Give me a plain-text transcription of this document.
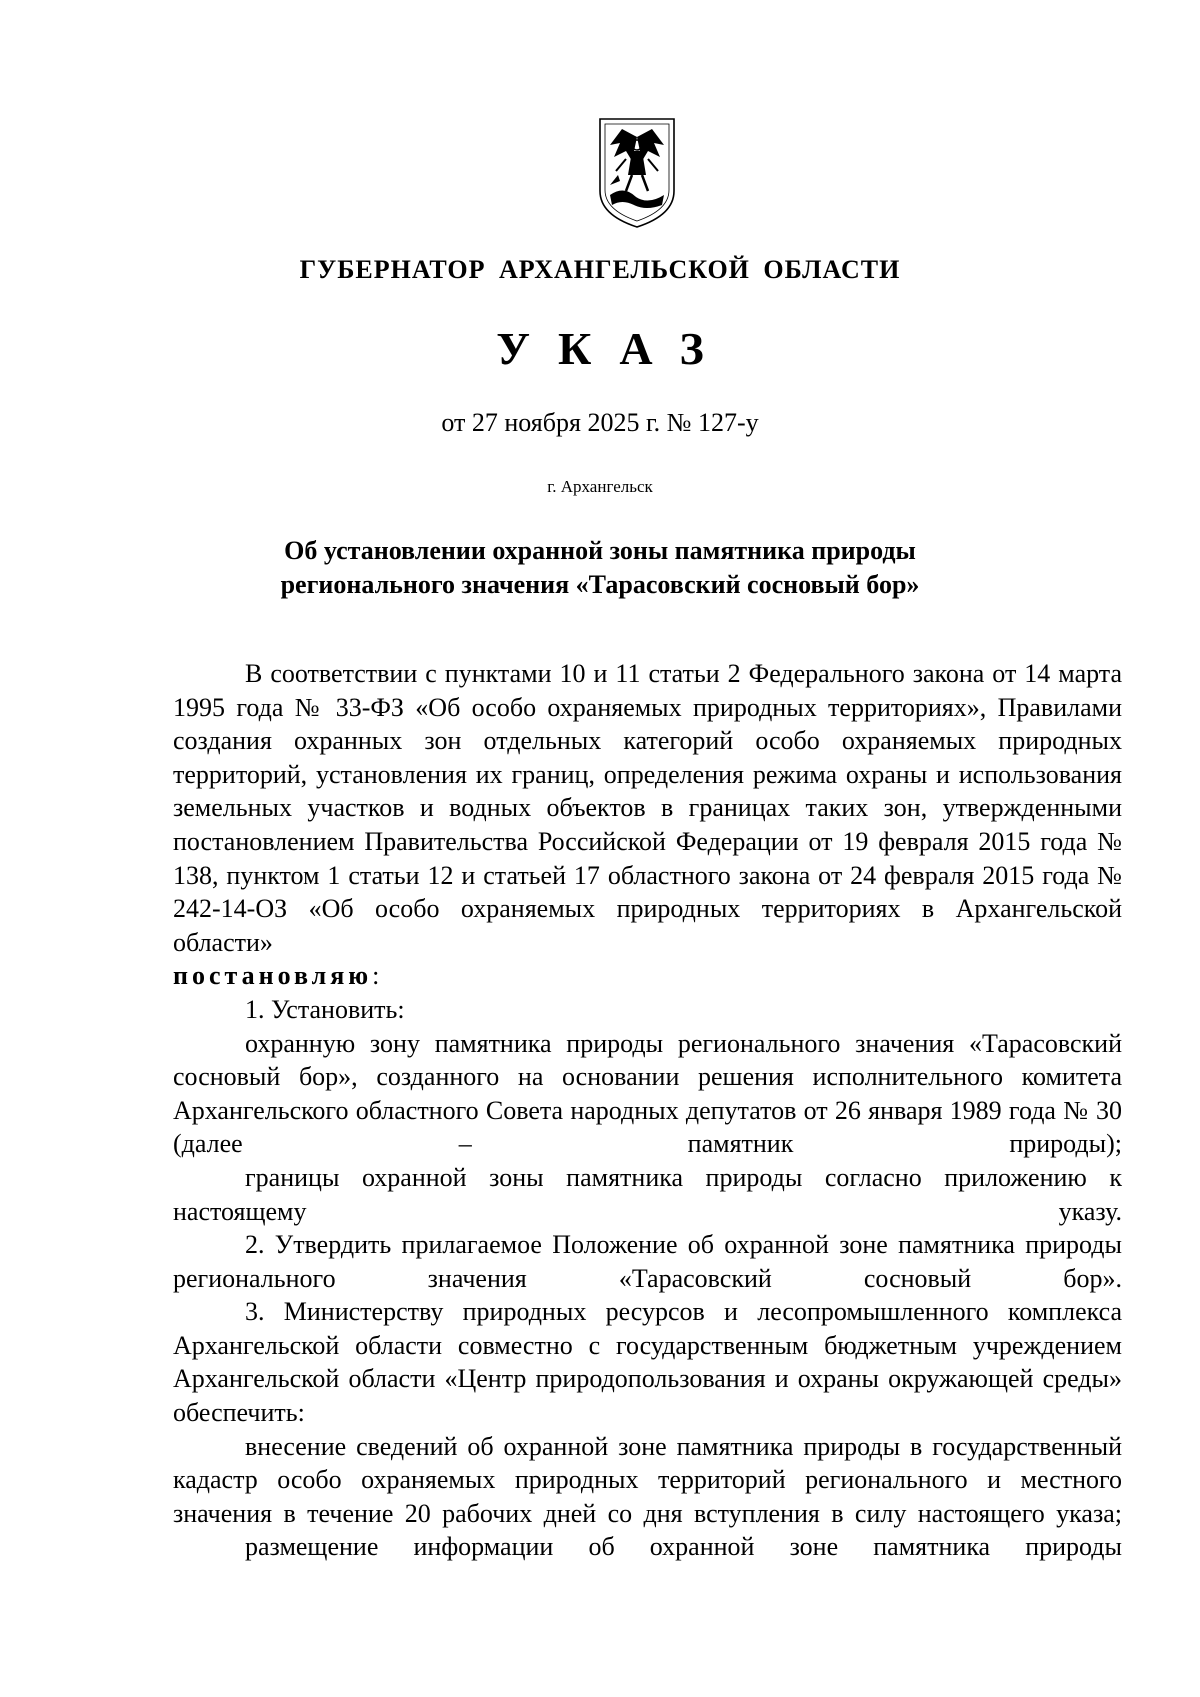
ГУБЕРНАТОР АРХАНГЕЛЬСКОЙ ОБЛАСТИ
УКАЗ
от 27 ноября 2025 г. № 127-у
г. Архангельск
Об установлении охранной зоны памятника природы
регионального значения «Тарасовский сосновый бор»

В соответствии с пунктами 10 и 11 статьи 2 Федерального закона от 14 марта 1995 года № 33-ФЗ «Об особо охраняемых природных территориях», Правилами создания охранных зон отдельных категорий особо охраняемых природных территорий, установления их границ, определения режима охраны и использования земельных участков и водных объектов в границах таких зон, утвержденными постановлением Правительства Российской Федерации от 19 февраля 2015 года № 138, пунктом 1 статьи 12 и статьей 17 областного закона от 24 февраля 2015 года № 242-14-ОЗ «Об особо охраняемых природных территориях в Архангельской области»

постановляю:

1. Установить:

охранную зону памятника природы регионального значения «Тарасовский сосновый бор», созданного на основании решения исполнительного комитета Архангельского областного Совета народных депутатов от 26 января 1989 года № 30 (далее – памятник природы);

границы охранной зоны памятника природы согласно приложению к настоящему указу.

2. Утвердить прилагаемое Положение об охранной зоне памятника природы регионального значения «Тарасовский сосновый бор».

3. Министерству природных ресурсов и лесопромышленного комплекса Архангельской области совместно с государственным бюджетным учреждением Архангельской области «Центр природопользования и охраны окружающей среды» обеспечить:

внесение сведений об охранной зоне памятника природы в государственный кадастр особо охраняемых природных территорий регионального и местного значения в течение 20 рабочих дней со дня вступления в силу настоящего указа;

размещение информации об охранной зоне памятника природы
